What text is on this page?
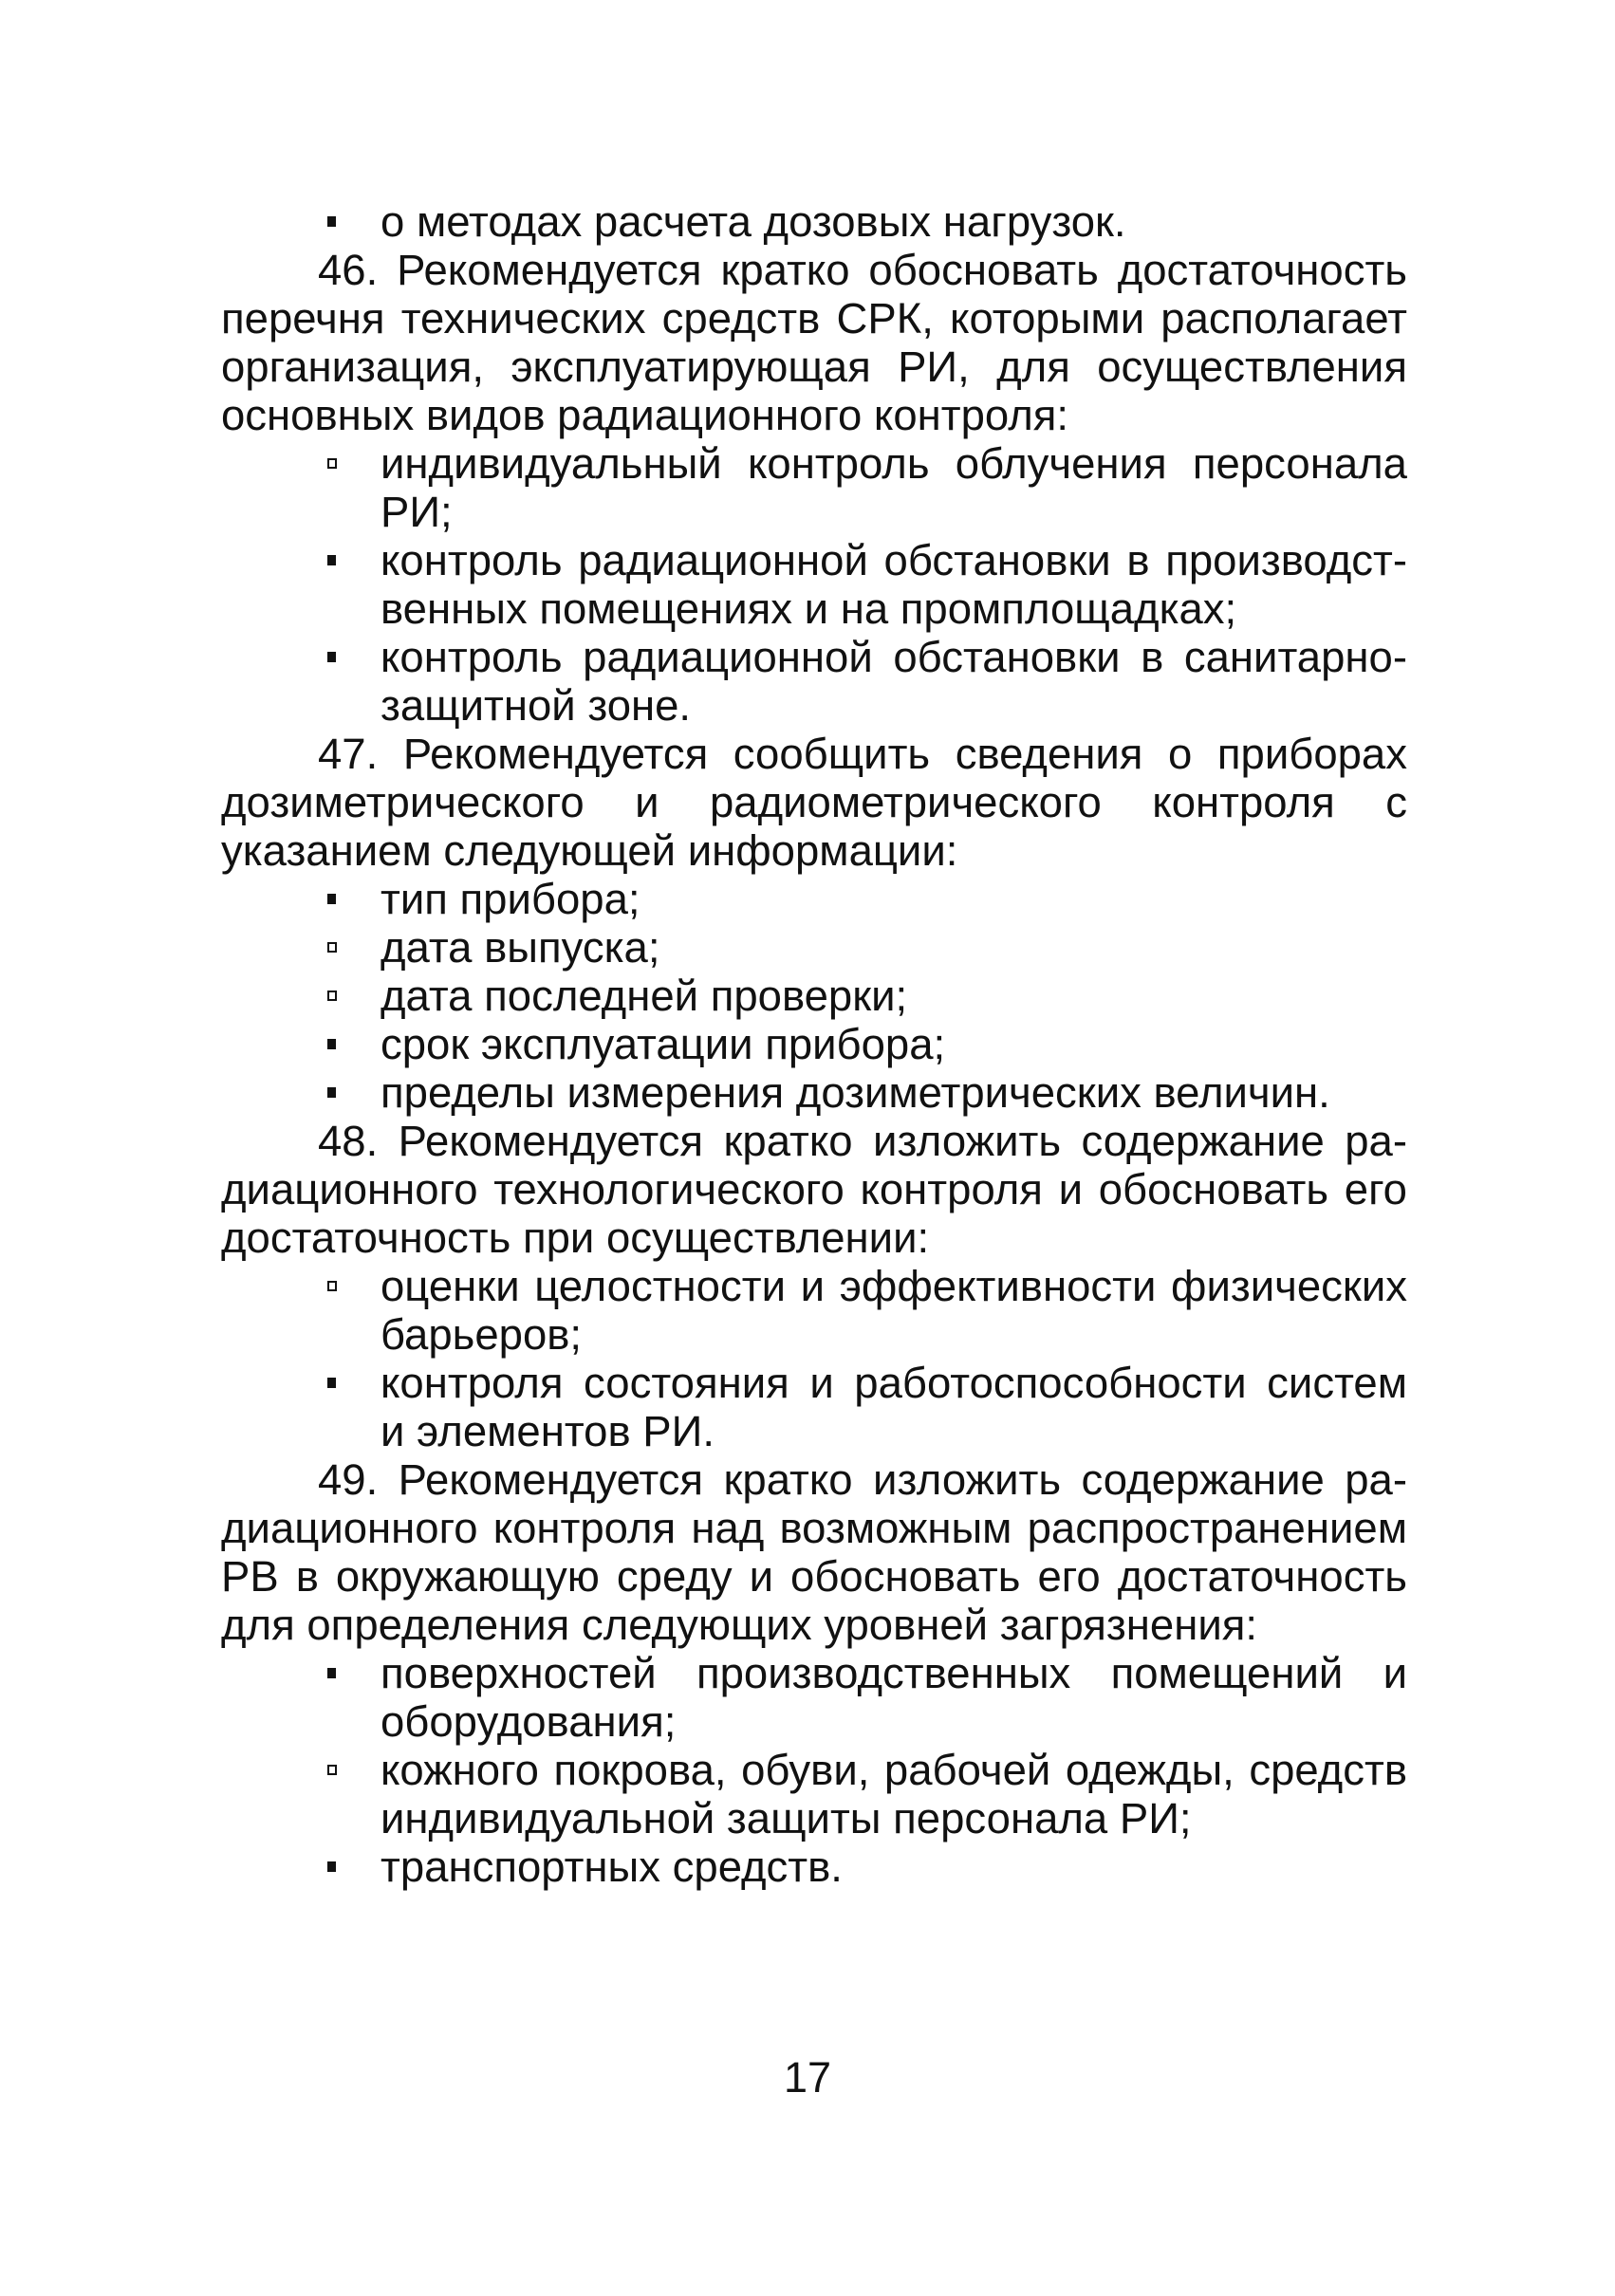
о методах расчета дозовых нагрузок.

46. Рекомендуется кратко обосновать достаточность перечня технических средств СРК, которыми располагает организация, эксплуатирующая РИ, для осуществления основных видов радиационного контроля:

индивидуальный контроль облучения персонала РИ;

контроль радиационной обстановки в производственных помещениях и на промплощадках;

контроль радиационной обстановки в санитарно-защитной зоне.

47. Рекомендуется сообщить сведения о приборах дозиметрического и радиометрического контроля с указанием следующей информации:

тип прибора;

дата выпуска;

дата последней проверки;

срок эксплуатации прибора;

пределы измерения дозиметрических величин.

48. Рекомендуется кратко изложить содержание радиационного технологического контроля и обосновать его достаточность при осуществлении:

оценки целостности и эффективности физических барьеров;

контроля состояния и работоспособности систем и элементов РИ.

49. Рекомендуется кратко изложить содержание радиационного контроля над возможным распространением РВ в окружающую среду и обосновать его достаточность для определения следующих уровней загрязнения:

поверхностей производственных помещений и оборудования;

кожного покрова, обуви, рабочей одежды, средств индивидуальной защиты персонала РИ;

транспортных средств.

17
